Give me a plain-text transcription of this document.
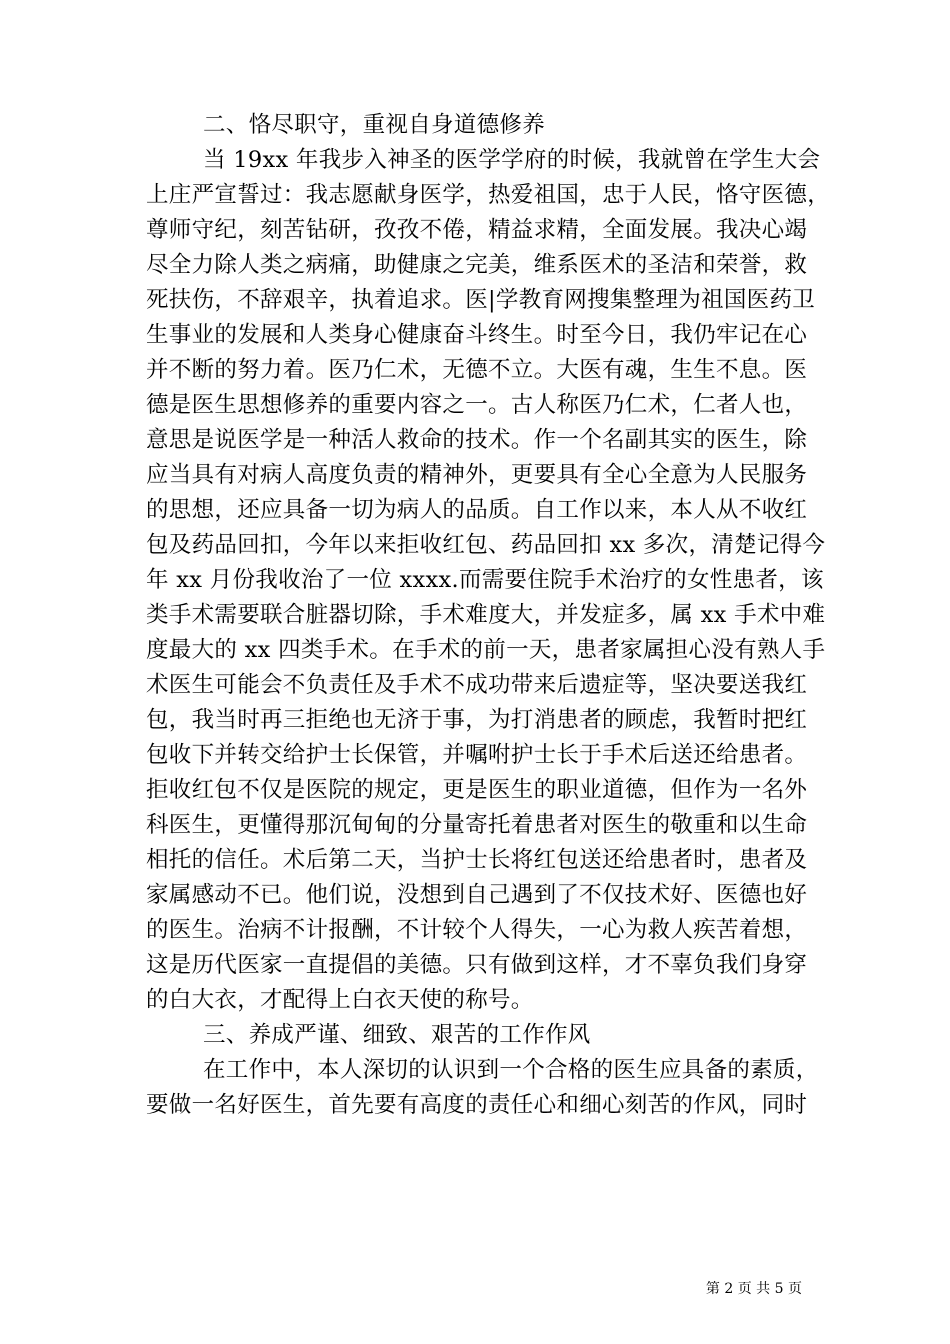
二、恪尽职守，重视自身道德修养
当 19xx 年我步入神圣的医学学府的时候，我就曾在学生大会
上庄严宣誓过：我志愿献身医学，热爱祖国，忠于人民，恪守医德，
尊师守纪，刻苦钻研，孜孜不倦，精益求精，全面发展。我决心竭
尽全力除人类之病痛，助健康之完美，维系医术的圣洁和荣誉，救
死扶伤，不辞艰辛，执着追求。医|学教育网搜集整理为祖国医药卫
生事业的发展和人类身心健康奋斗终生。时至今日，我仍牢记在心
并不断的努力着。医乃仁术，无德不立。大医有魂，生生不息。医
德是医生思想修养的重要内容之一。古人称医乃仁术，仁者人也，
意思是说医学是一种活人救命的技术。作一个名副其实的医生，除
应当具有对病人高度负责的精神外，更要具有全心全意为人民服务
的思想，还应具备一切为病人的品质。自工作以来，本人从不收红
包及药品回扣，今年以来拒收红包、药品回扣 xx 多次，清楚记得今
年 xx 月份我收治了一位 xxxx.而需要住院手术治疗的女性患者，该
类手术需要联合脏器切除，手术难度大，并发症多，属 xx 手术中难
度最大的 xx 四类手术。在手术的前一天，患者家属担心没有熟人手
术医生可能会不负责任及手术不成功带来后遗症等，坚决要送我红
包，我当时再三拒绝也无济于事，为打消患者的顾虑，我暂时把红
包收下并转交给护士长保管，并嘱咐护士长于手术后送还给患者。
拒收红包不仅是医院的规定，更是医生的职业道德，但作为一名外
科医生，更懂得那沉甸甸的分量寄托着患者对医生的敬重和以生命
相托的信任。术后第二天，当护士长将红包送还给患者时，患者及
家属感动不已。他们说，没想到自己遇到了不仅技术好、医德也好
的医生。治病不计报酬，不计较个人得失，一心为救人疾苦着想，
这是历代医家一直提倡的美德。只有做到这样，才不辜负我们身穿
的白大衣，才配得上白衣天使的称号。
三、养成严谨、细致、艰苦的工作作风
在工作中，本人深切的认识到一个合格的医生应具备的素质，
要做一名好医生，首先要有高度的责任心和细心刻苦的作风，同时
第 2 页 共 5 页
